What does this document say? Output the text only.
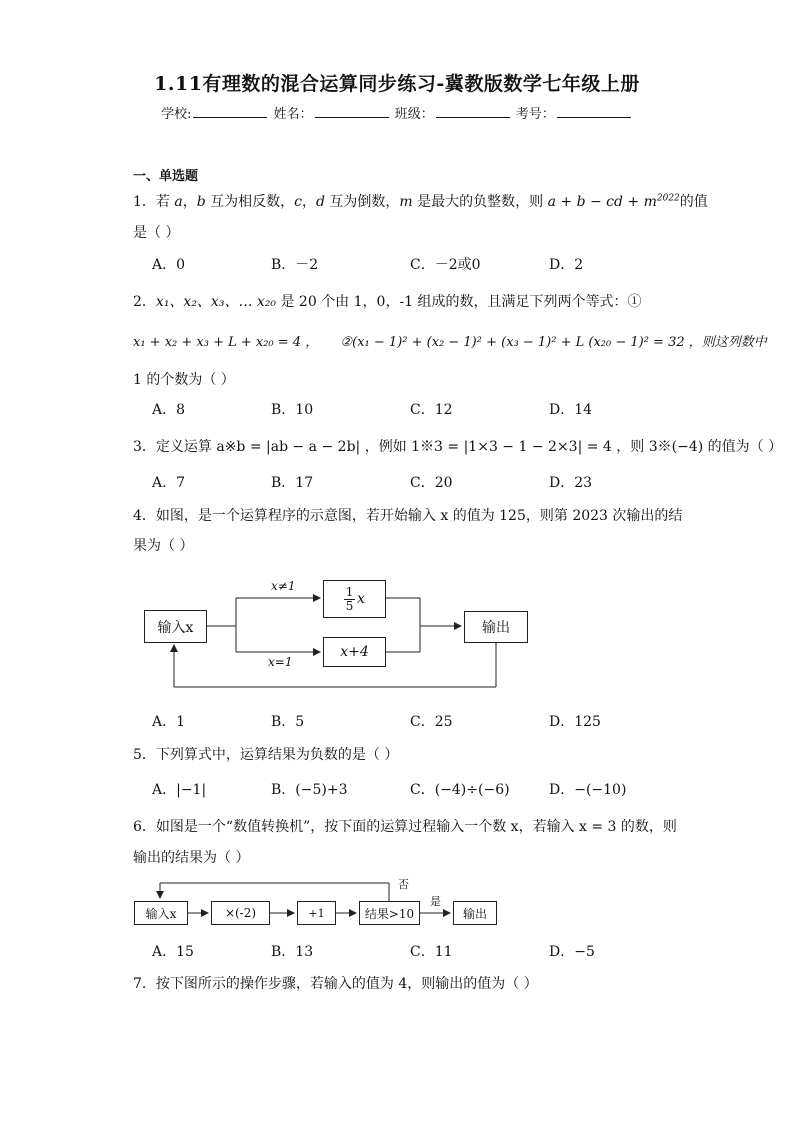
1.11有理数的混合运算同步练习-冀教版数学七年级上册
学校:	姓名：	班级：	考号：
一、单选题
1．若 a，b 互为相反数，c，d 互为倒数，m 是最大的负整数，则 a + b − cd + $m^{2022}$的值
是（ ）
A．0	B．－2	C．－2或0	D．2
2．x₁、x₂、x₃、… x₂₀ 是 20 个由 1，0，-1 组成的数，且满足下列两个等式：①
x₁ + x₂ + x₃ + L + x₂₀ = 4 ， ②(x₁ − 1)² + (x₂ − 1)² + (x₃ − 1)² + L (x₂₀ − 1)² = 32 ，则这列数中
1 的个数为（ ）
A．8	B．10	C．12	D．14
3．定义运算 a※b = |ab − a − 2b| ，例如 1※3 = |1×3 − 1 − 2×3| = 4 ，则 3※(−4) 的值为（ ）
A．7	B．17	C．20	D．23
4．如图，是一个运算程序的示意图，若开始输入 x 的值为 125，则第 2023 次输出的结
果为（ ）
输入x
x≠1
x=1
1
5 x
x+4
输出
A．1	B．5	C．25	D．125
5．下列算式中，运算结果为负数的是（ ）
A．|−1|	B．(−5)+3	C．(−4)÷(−6)	D．−(−10)
6．如图是一个“数值转换机”，按下面的运算过程输入一个数 x，若输入 x = 3 的数，则
输出的结果为（ ）
输入x	×(-2)	+1	结果>10	输出
否
是
A．15	B．13	C．11	D．−5
7．按下图所示的操作步骤，若输入的值为 4，则输出的值为（ ）
